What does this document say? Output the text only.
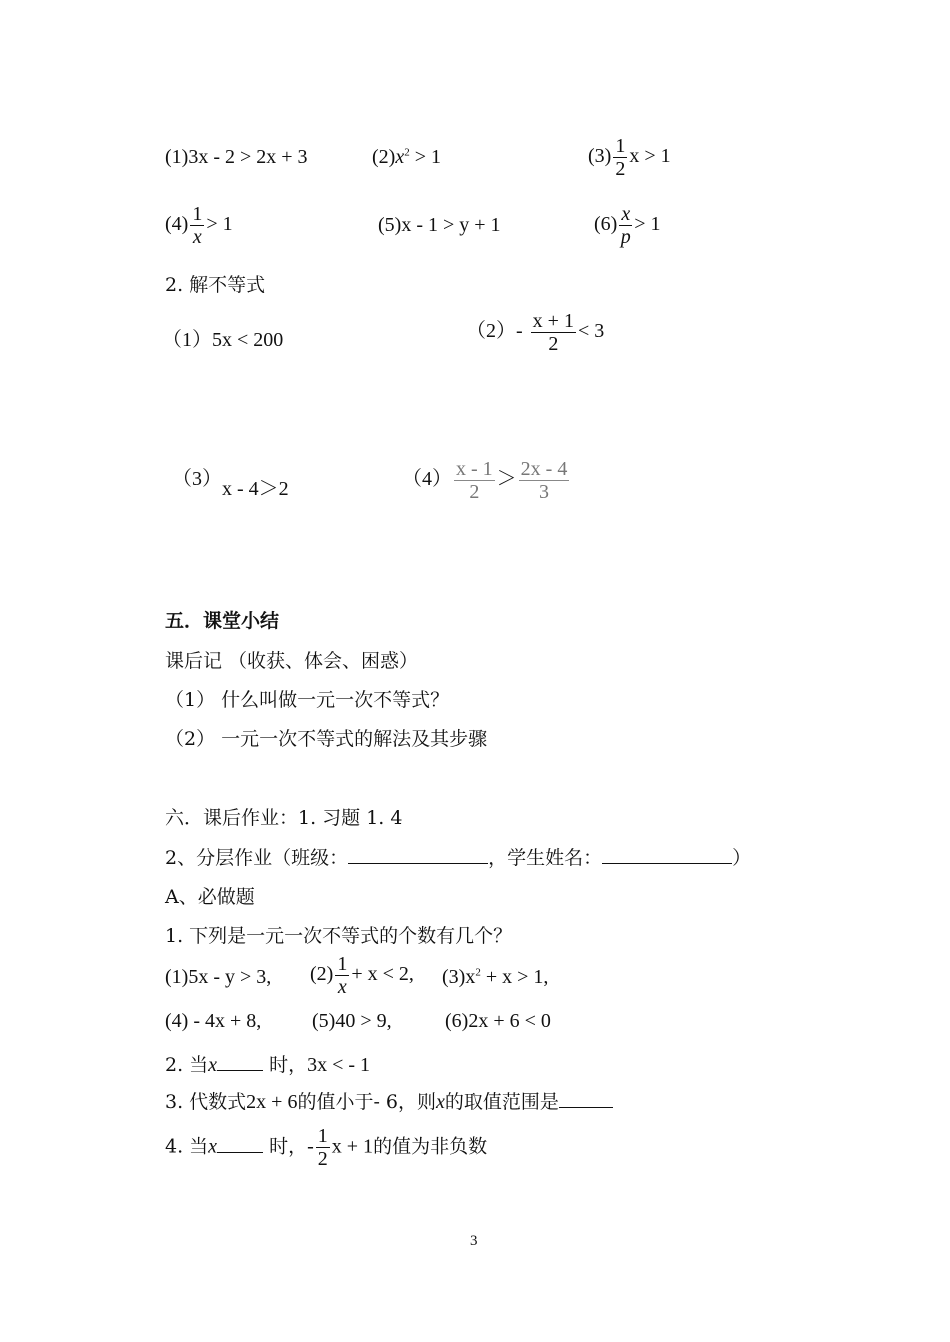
(1)3x - 2 > 2x + 3	$(2)x^2 > 1$	$(3) \frac{1}{2}$ x > 1
$(4) \frac{1}{x} > 1$	(5)x - 1 > y + 1	$(6) \frac{x}{p} > 1$
2. 解不等式
（1）5x < 200	$(2)- \frac{x + 1}{2} < 3$
（3）x - 4＞2	$(4) \frac{x - 1}{2} > \frac{2x - 4}{3}$
五．课堂小结
课后记 （收获、体会、困惑）
（1） 什么叫做一元一次不等式？
（2） 一元一次不等式的解法及其步骤
六．课后作业：1. 习题 1. 4
2、分层作业（班级：	，学生姓名：	）
A、必做题
1. 下列是一元一次不等式的个数有几个？
(1)5x - y > 3, $(2) \frac{1}{x} + x < 2$, $(3)x^2 + x > 1$,
(4) - 4x + 8,	(5)40 > 9,	(6)2x + 6 < 0
2. 当x 时，3x < - 1
3. 代数式2x + 6的值小于- 6，则x的取值范围是
4. 当x 时，- $\frac{1}{2}$ x + 1的值为非负数
3
